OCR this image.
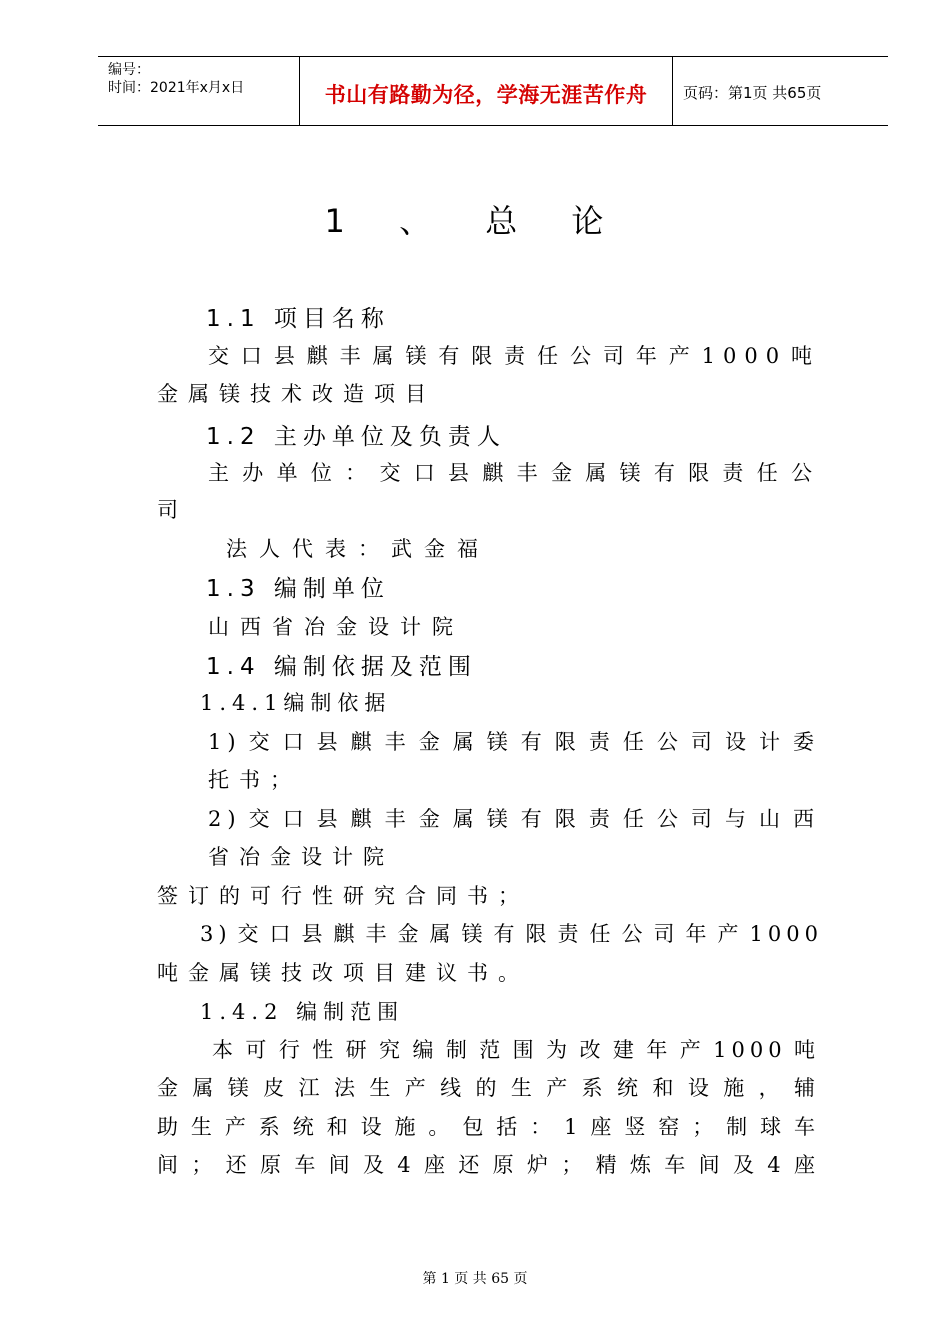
编号：
时间：2021年x月x日	书山有路勤为径，学海无涯苦作舟	页码：第1页 共65页
1 、 总 论
1.1 项目名称
交口县麒丰属镁有限责任公司年产1000吨
金属镁技术改造项目
1.2 主办单位及负责人
主办单位：交口县麒丰金属镁有限责任公
司
法人代表：武金福
1.3 编制单位
山西省冶金设计院
1.4 编制依据及范围
1.4.1编制依据
1)交口县麒丰金属镁有限责任公司设计委
托书；
2)交口县麒丰金属镁有限责任公司与山西
省冶金设计院
签订的可行性研究合同书；
3)交口县麒丰金属镁有限责任公司年产1000
吨金属镁技改项目建议书。
1.4.2 编制范围
本可行性研究编制范围为改建年产1000吨
金属镁皮江法生产线的生产系统和设施，辅
助生产系统和设施。包括：1座竖窑；制球车
间；还原车间及4座还原炉；精炼车间及4座
第 1 页 共 65 页
